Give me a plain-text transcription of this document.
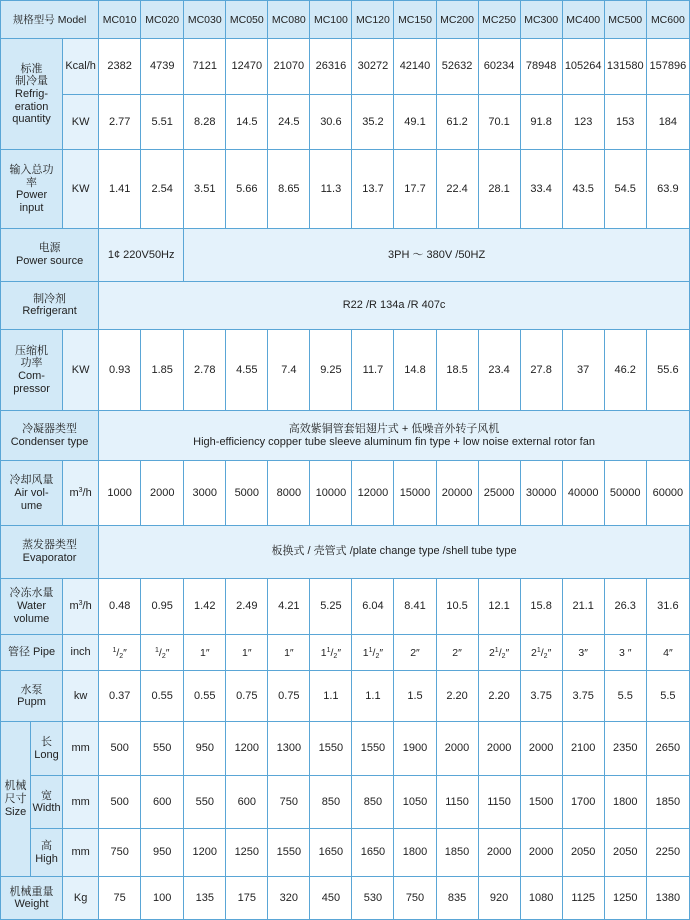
规格型号 Model			MC010	MC020	MC030	MC050	MC080	MC100	MC120	MC150	MC200	MC250	MC300	MC400	MC500	MC600

标准
制冷量
Refrig-
eration
quantity		Kcal/h	2382	4739	7121	12470	21070	26316	30272	42140	52632	60234	78948	105264	131580	157896
		KW	2.77	5.51	8.28	14.5	24.5	30.6	35.2	49.1	61.2	70.1	91.8	123	153	184

输入总功
率
Power
input		KW	1.41	2.54	3.51	5.66	8.65	11.3	13.7	17.7	22.4	28.1	33.4	43.5	54.5	63.9

电源
Power source			1¢ 220V50Hz		3PH ～ 380V /50HZ											

制冷剂
Refrigerant			R22 /R 134a /R 407c													

压缩机
功率
Com-
pressor		KW	0.93	1.85	2.78	4.55	7.4	9.25	11.7	14.8	18.5	23.4	27.8	37	46.2	55.6

冷凝器类型
Condenser type			高效紫铜管套铝翅片式 + 低噪音外转子风机
High-efficiency copper tube sleeve aluminum fin type + low noise external rotor fan													

冷却风量
Air vol-
ume		$m^3/h$	1000	2000	3000	5000	8000	10000	12000	15000	20000	25000	30000	40000	50000	60000

蒸发器类型
Evaporator			板换式 / 壳管式 /plate change type /shell tube type													

冷冻水量
Water
volume		$m^3/h$	0.48	0.95	1.42	2.49	4.21	5.25	6.04	8.41	10.5	12.1	15.8	21.1	26.3	31.6
管径 Pipe		inch	$^1/_2''$	$^1/_2''$	1″	1″	1″	$1^1/_2''$	$1^1/_2''$	2″	2″	$2^1/_2''$	$2^1/_2''$	3″	3 ″	4″

水泵
Pupm		kw	0.37	0.55	0.55	0.75	0.75	1.1	1.1	1.5	2.20	2.20	3.75	3.75	5.5	5.5

机械
尺寸
Size	长
Long	mm	500	550	950	1200	1300	1550	1550	1900	2000	2000	2000	2100	2350	2650

	宽
Width	mm	500	600	550	600	750	850	850	1050	1150	1150	1500	1700	1800	1850

	高
High	mm	750	950	1200	1250	1550	1650	1650	1800	1850	2000	2000	2050	2050	2250

机械重量
Weight		Kg	75	100	135	175	320	450	530	750	835	920	1080	1125	1250	1380
